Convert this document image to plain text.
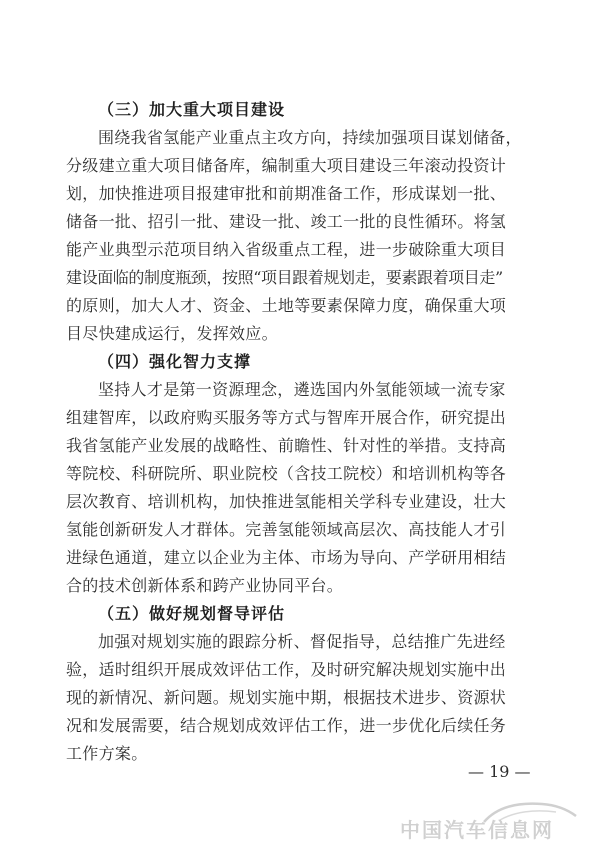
（三）加大重大项目建设
围绕我省氢能产业重点主攻方向，持续加强项目谋划储备，
分级建立重大项目储备库，编制重大项目建设三年滚动投资计
划，加快推进项目报建审批和前期准备工作，形成谋划一批、
储备一批、招引一批、建设一批、竣工一批的良性循环。将氢
能产业典型示范项目纳入省级重点工程，进一步破除重大项目
建设面临的制度瓶颈，按照“项目跟着规划走，要素跟着项目走”
的原则，加大人才、资金、土地等要素保障力度，确保重大项
目尽快建成运行，发挥效应。
（四）强化智力支撑
坚持人才是第一资源理念，遴选国内外氢能领域一流专家
组建智库，以政府购买服务等方式与智库开展合作，研究提出
我省氢能产业发展的战略性、前瞻性、针对性的举措。支持高
等院校、科研院所、职业院校（含技工院校）和培训机构等各
层次教育、培训机构，加快推进氢能相关学科专业建设，壮大
氢能创新研发人才群体。完善氢能领域高层次、高技能人才引
进绿色通道，建立以企业为主体、市场为导向、产学研用相结
合的技术创新体系和跨产业协同平台。
（五）做好规划督导评估
加强对规划实施的跟踪分析、督促指导，总结推广先进经
验，适时组织开展成效评估工作，及时研究解决规划实施中出
现的新情况、新问题。规划实施中期，根据技术进步、资源状
况和发展需要，结合规划成效评估工作，进一步优化后续任务
工作方案。
— 19 —
中国汽车信息网
